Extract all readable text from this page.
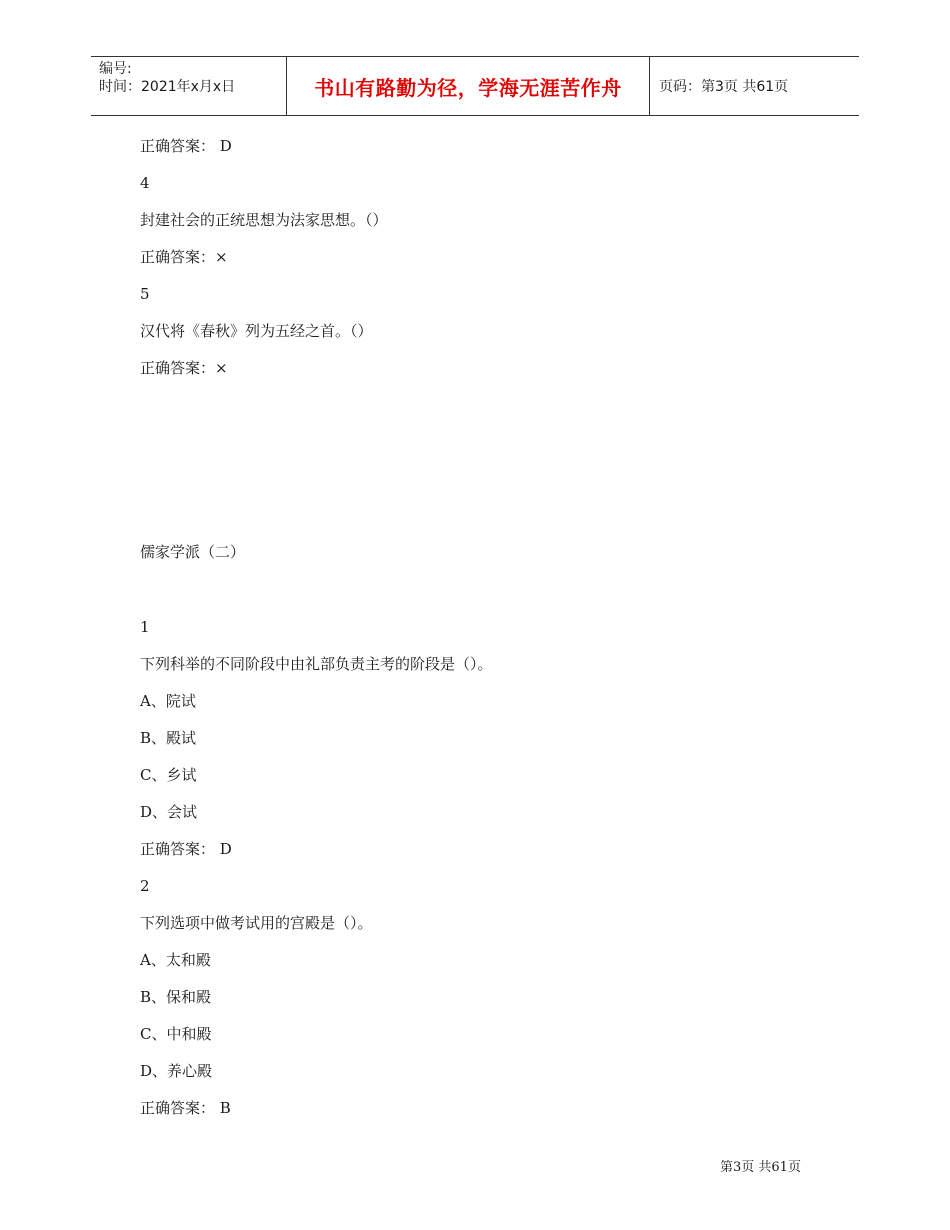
编号:
时间：2021年x月x日	书山有路勤为径，学海无涯苦作舟	页码：第3页 共61页
正确答案： D
4
封建社会的正统思想为法家思想。（）
正确答案：×
5
汉代将《春秋》列为五经之首。（）
正确答案：×
儒家学派（二）
1
下列科举的不同阶段中由礼部负责主考的阶段是（）。
A、院试
B、殿试
C、乡试
D、会试
正确答案： D
2
下列选项中做考试用的宫殿是（）。
A、太和殿
B、保和殿
C、中和殿
D、养心殿
正确答案： B
第3页 共61页
